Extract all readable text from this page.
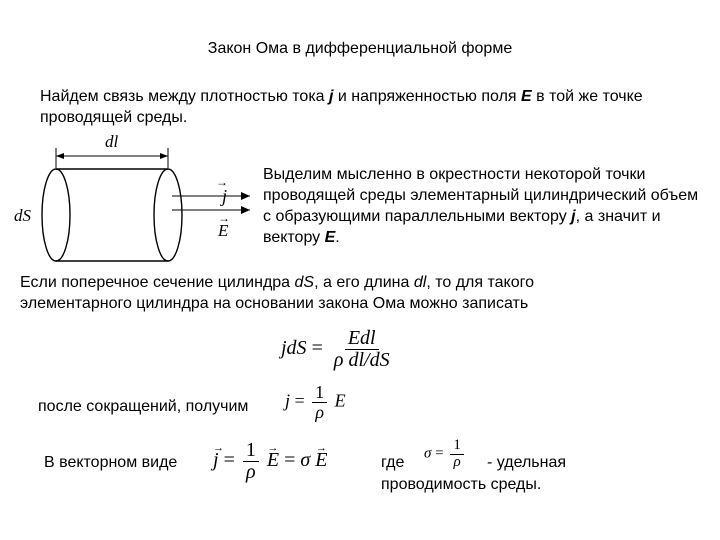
Закон Ома в дифференциальной форме
Найдем связь между плотностью тока j и напряженностью поля E в той же точке проводящей среды.
dl
dS
j
→
E
→
Выделим мысленно в окрестности некоторой точки проводящей среды элементарный цилиндрический объем с образующими параллельными вектору j, а значит и вектору E.
Если поперечное сечение цилиндра dS, а его длина dl, то для такого элементарного цилиндра на основании закона Ома можно записать
jdS = $\frac{\text{Edl}}{\text{ρ dl/dS}}$
после сокращений, получим $j = \frac{1}{\rho}$ E
В векторном виде
→ $j = \frac{1}{\rho}$
→ E = σ → E	где
$\sigma = \frac{1}{\rho}$ - удельная
проводимость среды.
